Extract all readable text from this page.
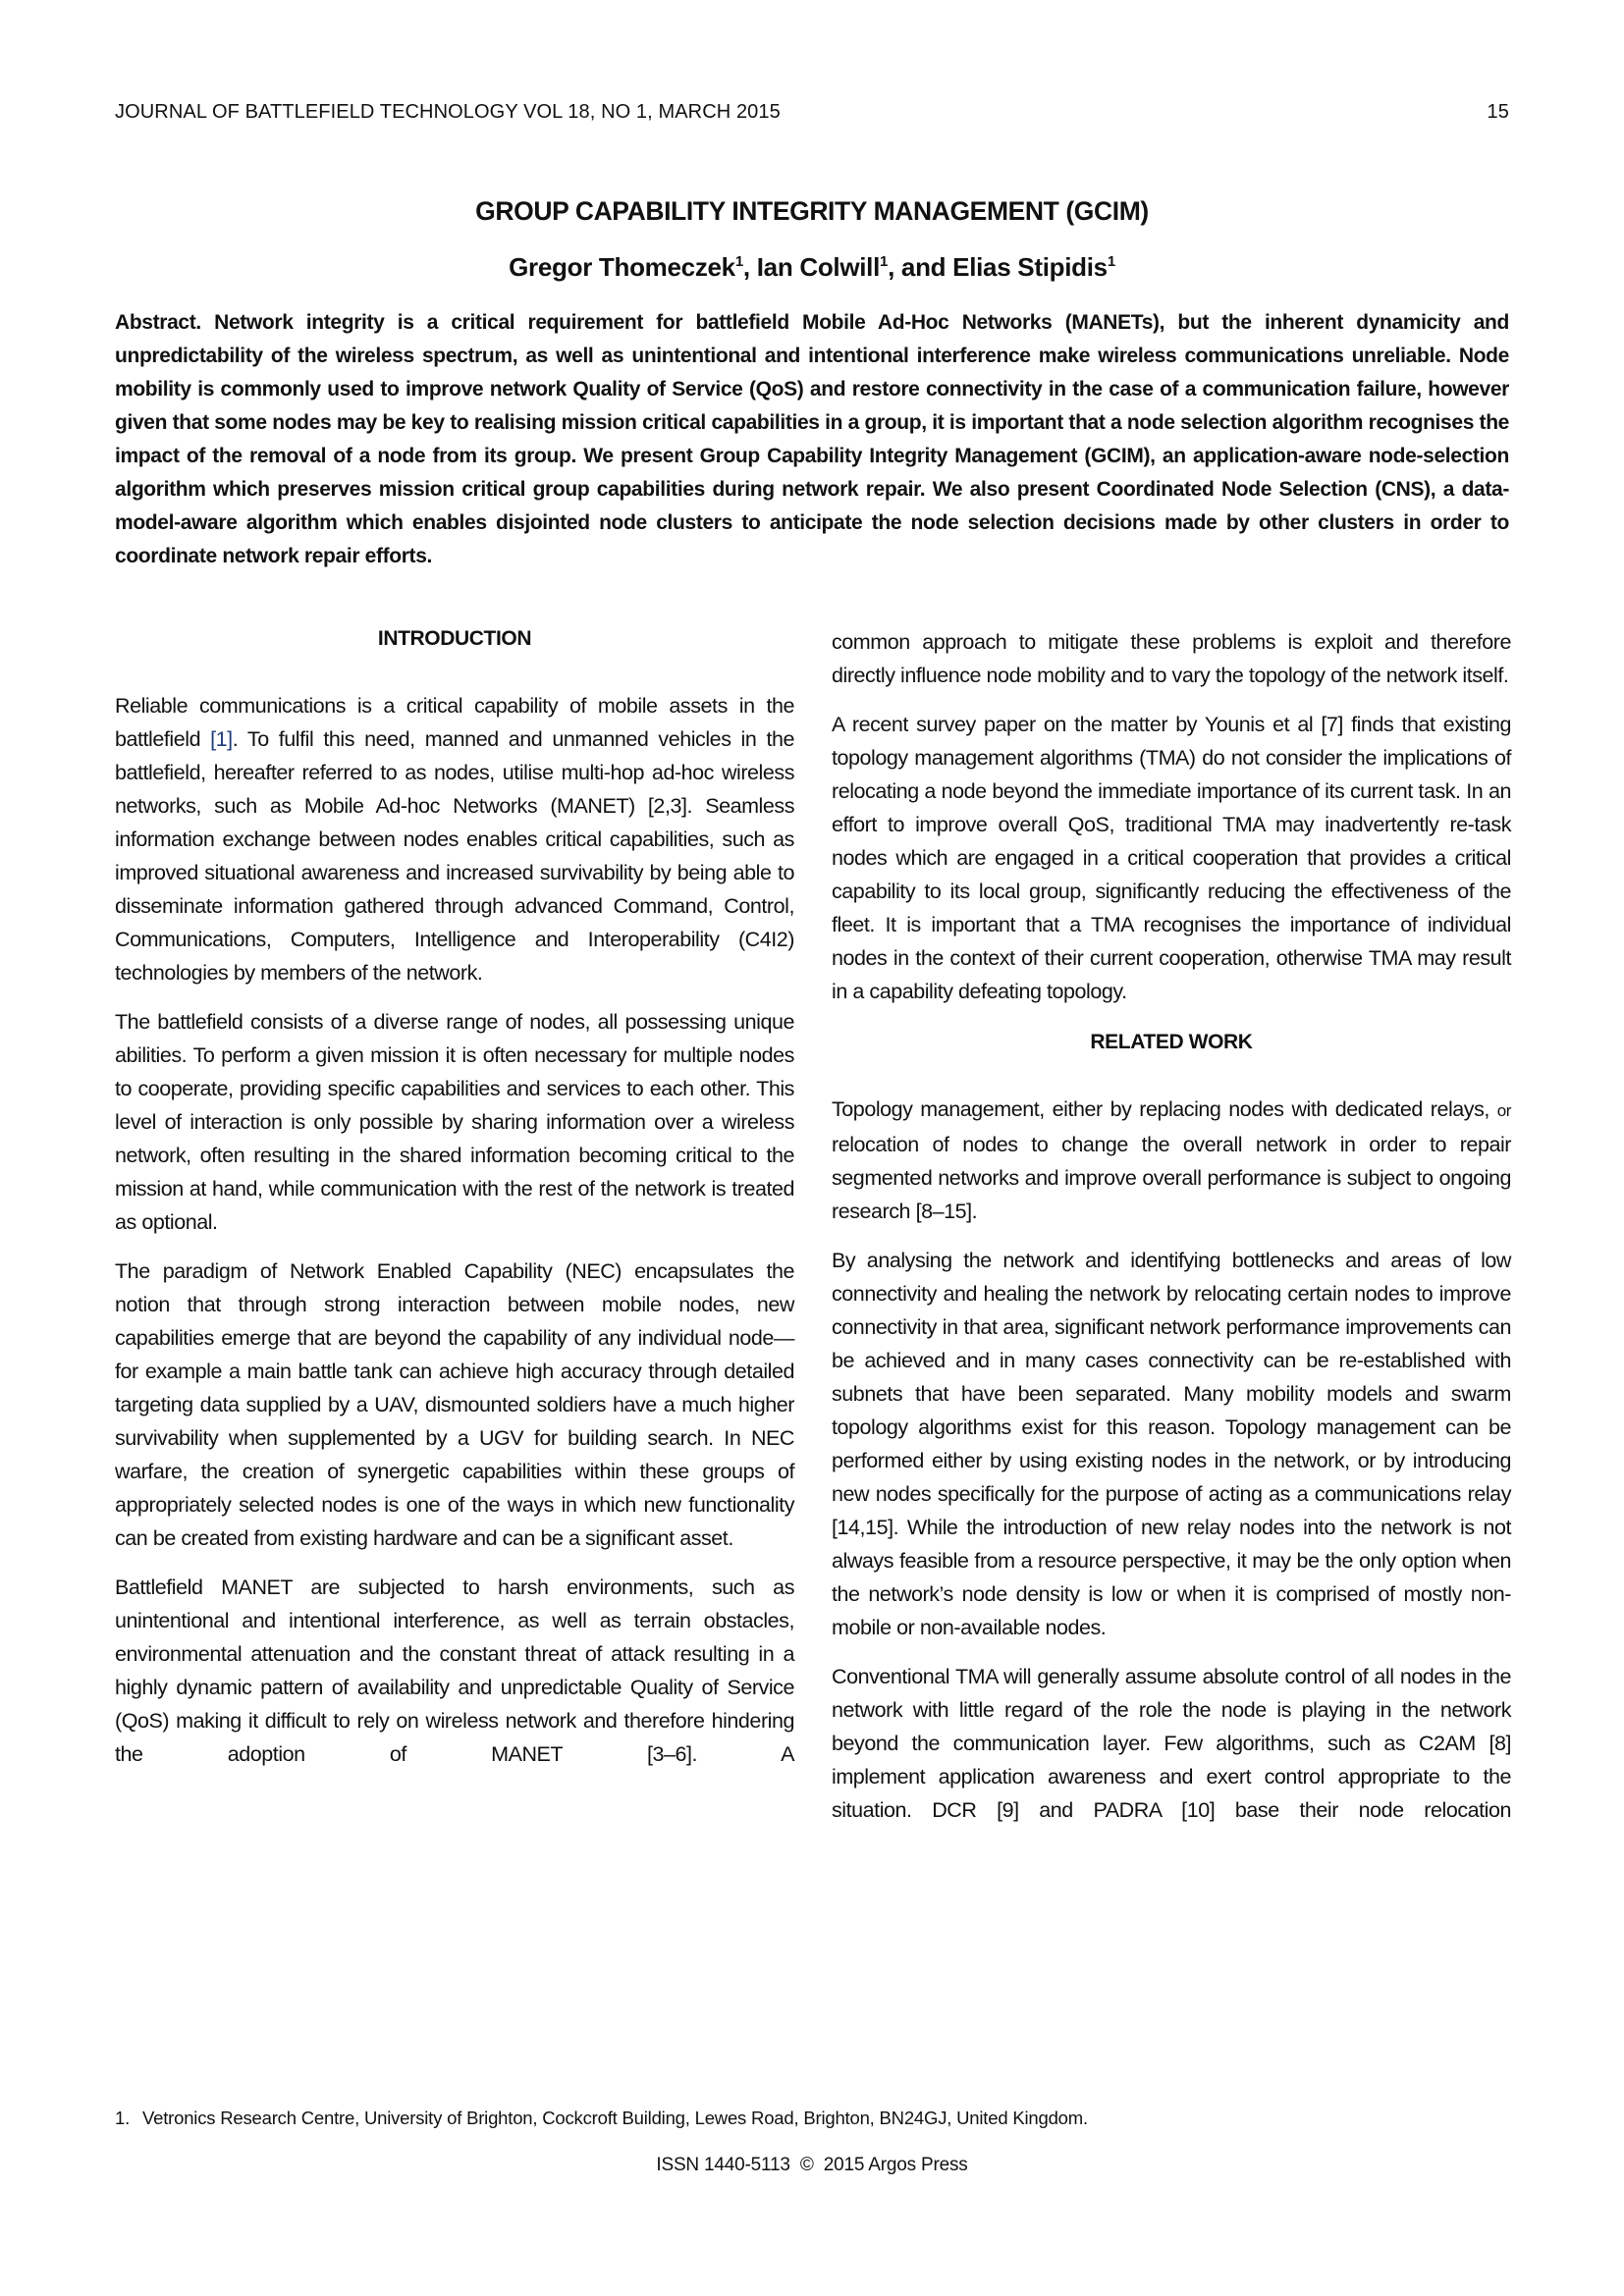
JOURNAL OF BATTLEFIELD TECHNOLOGY VOL 18, NO 1, MARCH 2015	15
GROUP CAPABILITY INTEGRITY MANAGEMENT (GCIM)
Gregor Thomeczek$^1$, Ian Colwill$^1$, and Elias Stipidis$^1$
Abstract. Network integrity is a critical requirement for battlefield Mobile Ad-Hoc Networks (MANETs), but the inherent dynamicity and unpredictability of the wireless spectrum, as well as unintentional and intentional interference make wireless communications unreliable. Node mobility is commonly used to improve network Quality of Service (QoS) and restore connectivity in the case of a communication failure, however given that some nodes may be key to realising mission critical capabilities in a group, it is important that a node selection algorithm recognises the impact of the removal of a node from its group. We present Group Capability Integrity Management (GCIM), an application-aware node-selection algorithm which preserves mission critical group capabilities during network repair. We also present Coordinated Node Selection (CNS), a data-model-aware algorithm which enables disjointed node clusters to anticipate the node selection decisions made by other clusters in order to coordinate network repair efforts.
INTRODUCTION

Reliable communications is a critical capability of mobile assets in the battlefield [1]. To fulfil this need, manned and unmanned vehicles in the battlefield, hereafter referred to as nodes, utilise multi-hop ad-hoc wireless networks, such as Mobile Ad-hoc Networks (MANET) [2,3]. Seamless information exchange between nodes enables critical capabilities, such as improved situational awareness and increased survivability by being able to disseminate information gathered through advanced Command, Control, Communications, Computers, Intelligence and Interoperability (C4I2) technologies by members of the network.

The battlefield consists of a diverse range of nodes, all possessing unique abilities. To perform a given mission it is often necessary for multiple nodes to cooperate, providing specific capabilities and services to each other. This level of interaction is only possible by sharing information over a wireless network, often resulting in the shared information becoming critical to the mission at hand, while communication with the rest of the network is treated as optional.

The paradigm of Network Enabled Capability (NEC) encapsulates the notion that through strong interaction between mobile nodes, new capabilities emerge that are beyond the capability of any individual node—for example a main battle tank can achieve high accuracy through detailed targeting data supplied by a UAV, dismounted soldiers have a much higher survivability when supplemented by a UGV for building search. In NEC warfare, the creation of synergetic capabilities within these groups of appropriately selected nodes is one of the ways in which new functionality can be created from existing hardware and can be a significant asset.

Battlefield MANET are subjected to harsh environments, such as unintentional and intentional interference, as well as terrain obstacles, environmental attenuation and the constant threat of attack resulting in a highly dynamic pattern of availability and unpredictable Quality of Service (QoS) making it difficult to rely on wireless network and therefore hindering the adoption of MANET [3–6]. A

common approach to mitigate these problems is exploit and therefore directly influence node mobility and to vary the topology of the network itself.

A recent survey paper on the matter by Younis et al [7] finds that existing topology management algorithms (TMA) do not consider the implications of relocating a node beyond the immediate importance of its current task. In an effort to improve overall QoS, traditional TMA may inadvertently re-task nodes which are engaged in a critical cooperation that provides a critical capability to its local group, significantly reducing the effectiveness of the fleet. It is important that a TMA recognises the importance of individual nodes in the context of their current cooperation, otherwise TMA may result in a capability defeating topology.

RELATED WORK

Topology management, either by replacing nodes with dedicated relays, or relocation of nodes to change the overall network in order to repair segmented networks and improve overall performance is subject to ongoing research [8–15].

By analysing the network and identifying bottlenecks and areas of low connectivity and healing the network by relocating certain nodes to improve connectivity in that area, significant network performance improvements can be achieved and in many cases connectivity can be re-established with subnets that have been separated. Many mobility models and swarm topology algorithms exist for this reason. Topology management can be performed either by using existing nodes in the network, or by introducing new nodes specifically for the purpose of acting as a communications relay [14,15]. While the introduction of new relay nodes into the network is not always feasible from a resource perspective, it may be the only option when the network’s node density is low or when it is comprised of mostly non-mobile or non-available nodes.

Conventional TMA will generally assume absolute control of all nodes in the network with little regard of the role the node is playing in the network beyond the communication layer. Few algorithms, such as C2AM [8] implement application awareness and exert control appropriate to the situation. DCR [9] and PADRA [10] base their node relocation

1. Vetronics Research Centre, University of Brighton, Cockcroft Building, Lewes Road, Brighton, BN24GJ, United Kingdom.
ISSN 1440-5113  ©  2015 Argos Press
